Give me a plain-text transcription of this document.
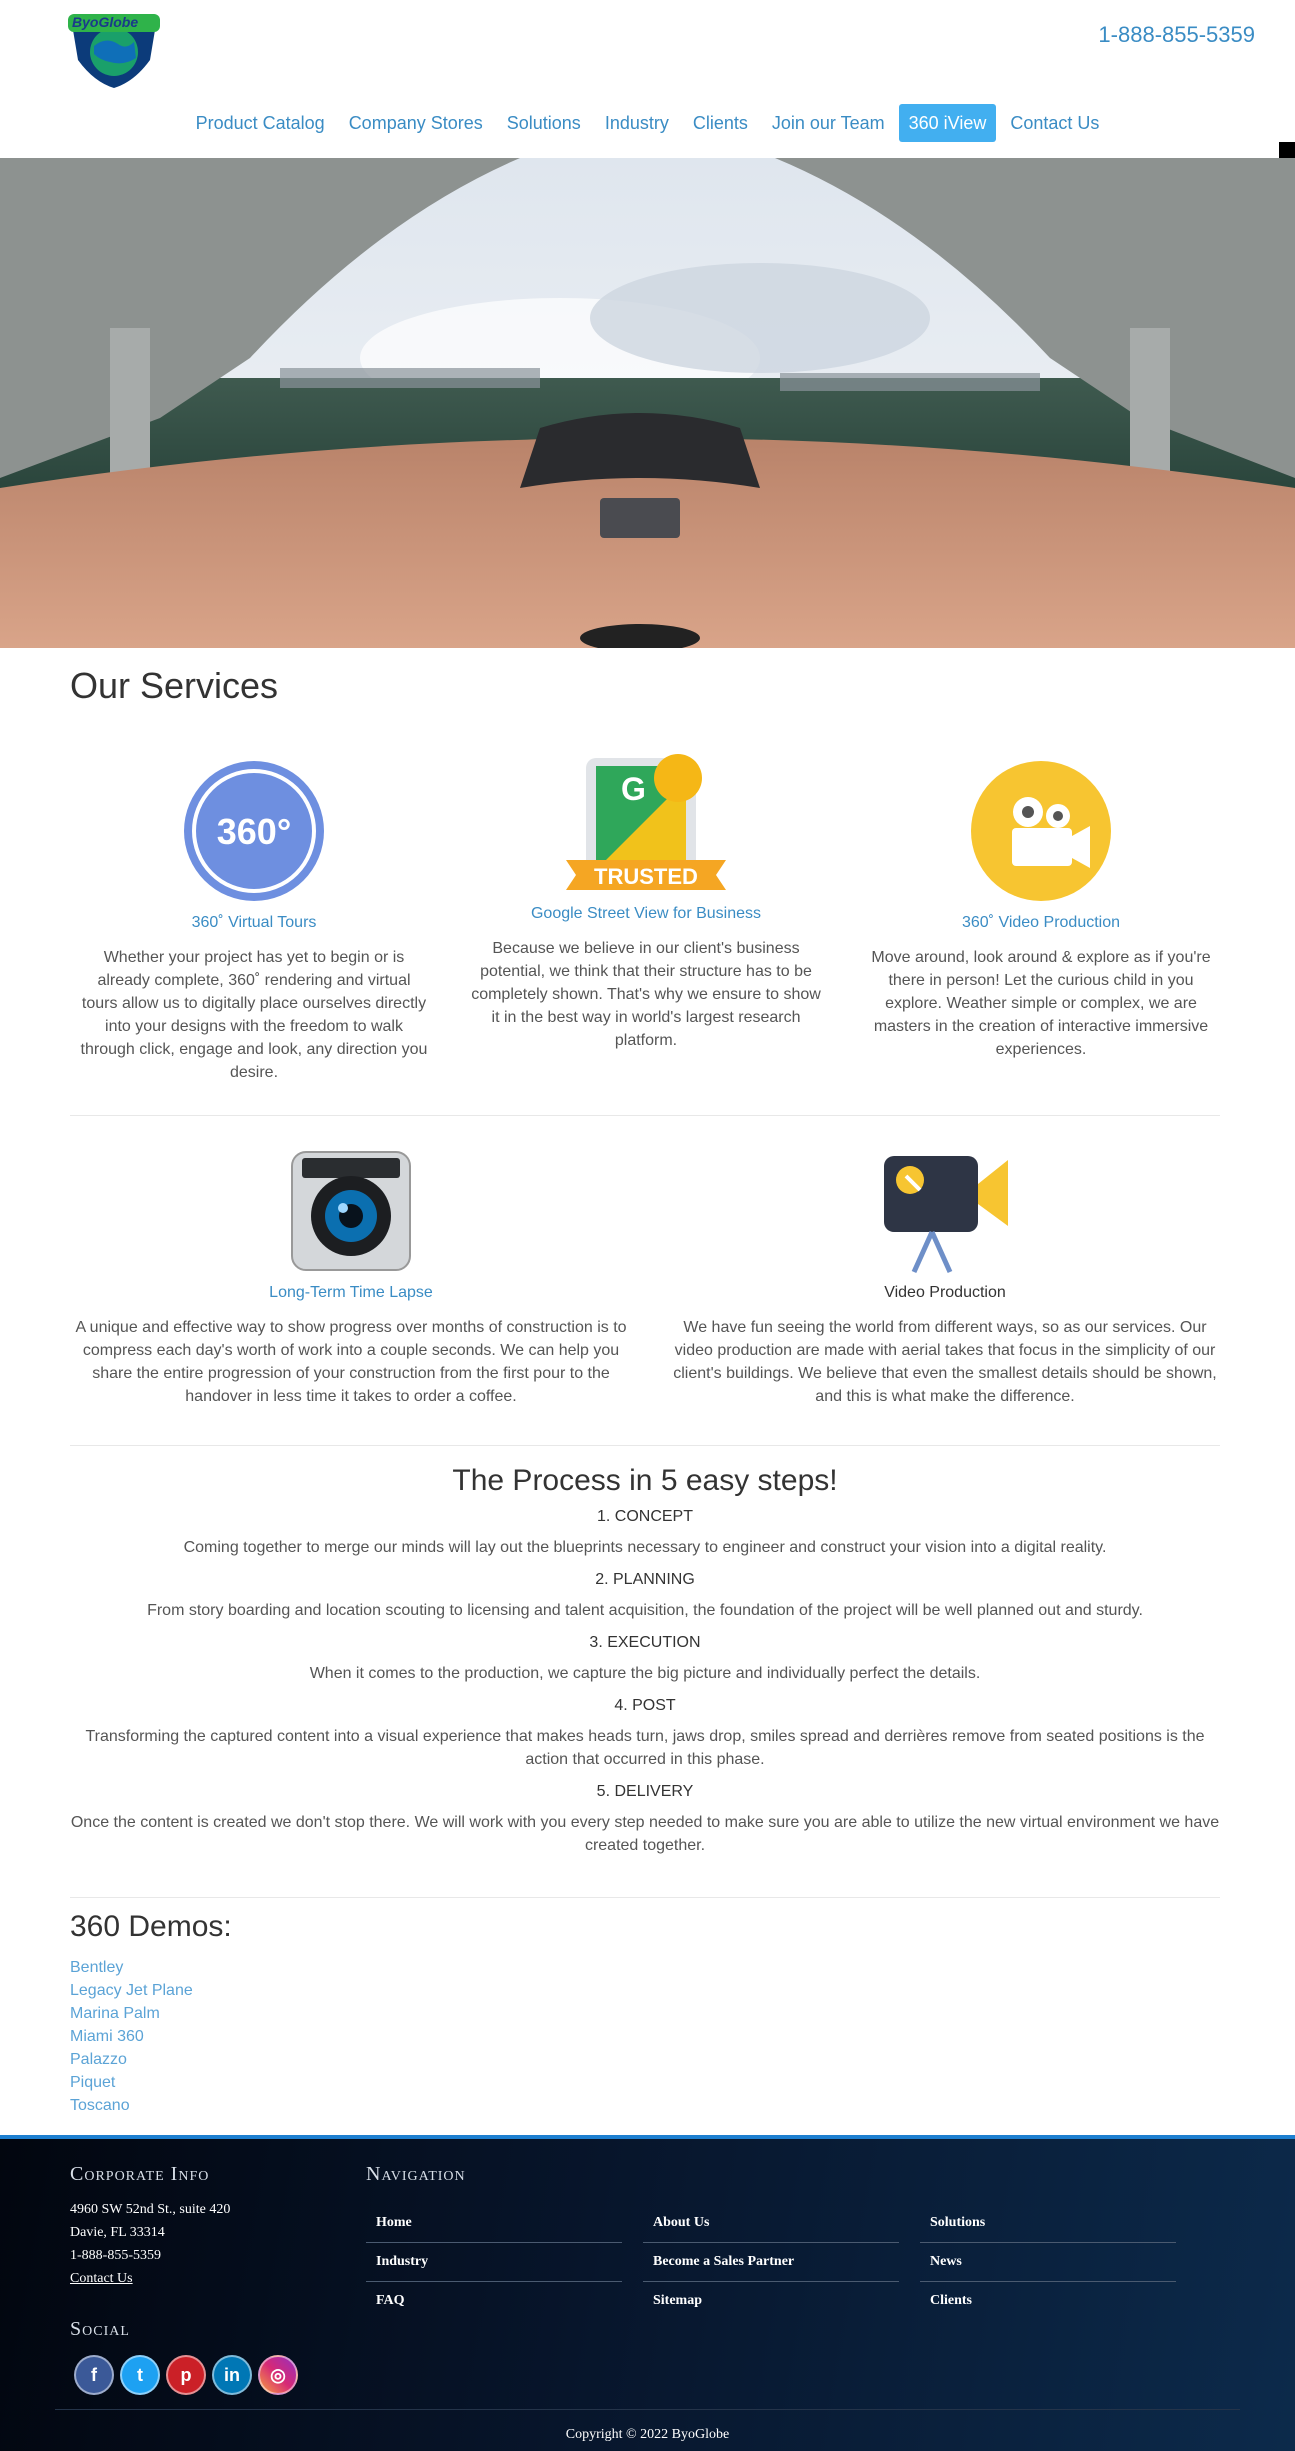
ByoGlobe	1-888-855-5359
Product Catalog	Company Stores	Solutions	Industry	Clients	Join our Team	360 iView	Contact Us
Our Services
360°
360˚ Virtual Tours
Whether your project has yet to begin or is already complete, 360˚ rendering and virtual tours allow us to digitally place ourselves directly into your designs with the freedom to walk through click, engage and look, any direction you desire.
G
TRUSTED
Google Street View for Business
Because we believe in our client's business potential, we think that their structure has to be completely shown. That's why we ensure to show it in the best way in world's largest research platform.
360˚ Video Production
Move around, look around & explore as if you're there in person! Let the curious child in you explore. Weather simple or complex, we are masters in the creation of interactive immersive experiences.
Long-Term Time Lapse
A unique and effective way to show progress over months of construction is to compress each day's worth of work into a couple seconds. We can help you share the entire progression of your construction from the first pour to the handover in less time it takes to order a coffee.
Video Production
We have fun seeing the world from different ways, so as our services. Our video production are made with aerial takes that focus in the simplicity of our client's buildings. We believe that even the smallest details should be shown, and this is what make the difference.
The Process in 5 easy steps!
1. CONCEPT
Coming together to merge our minds will lay out the blueprints necessary to engineer and construct your vision into a digital reality.
2. PLANNING
From story boarding and location scouting to licensing and talent acquisition, the foundation of the project will be well planned out and sturdy.
3. EXECUTION
When it comes to the production, we capture the big picture and individually perfect the details.
4. POST
Transforming the captured content into a visual experience that makes heads turn, jaws drop, smiles spread and derrières remove from seated positions is the action that occurred in this phase.
5. DELIVERY
Once the content is created we don't stop there. We will work with you every step needed to make sure you are able to utilize the new virtual environment we have created together.
360 Demos:
Bentley
Legacy Jet Plane
Marina Palm
Miami 360
Palazzo
Piquet
Toscano
Corporate Info
4960 SW 52nd St., suite 420
Davie, FL 33314
1-888-855-5359
Contact Us
Social
f	t	p	in	◎
Navigation
Home	About Us	Solutions
Industry	Become a Sales Partner	News
FAQ	Sitemap	Clients
Copyright © 2022 ByoGlobe
